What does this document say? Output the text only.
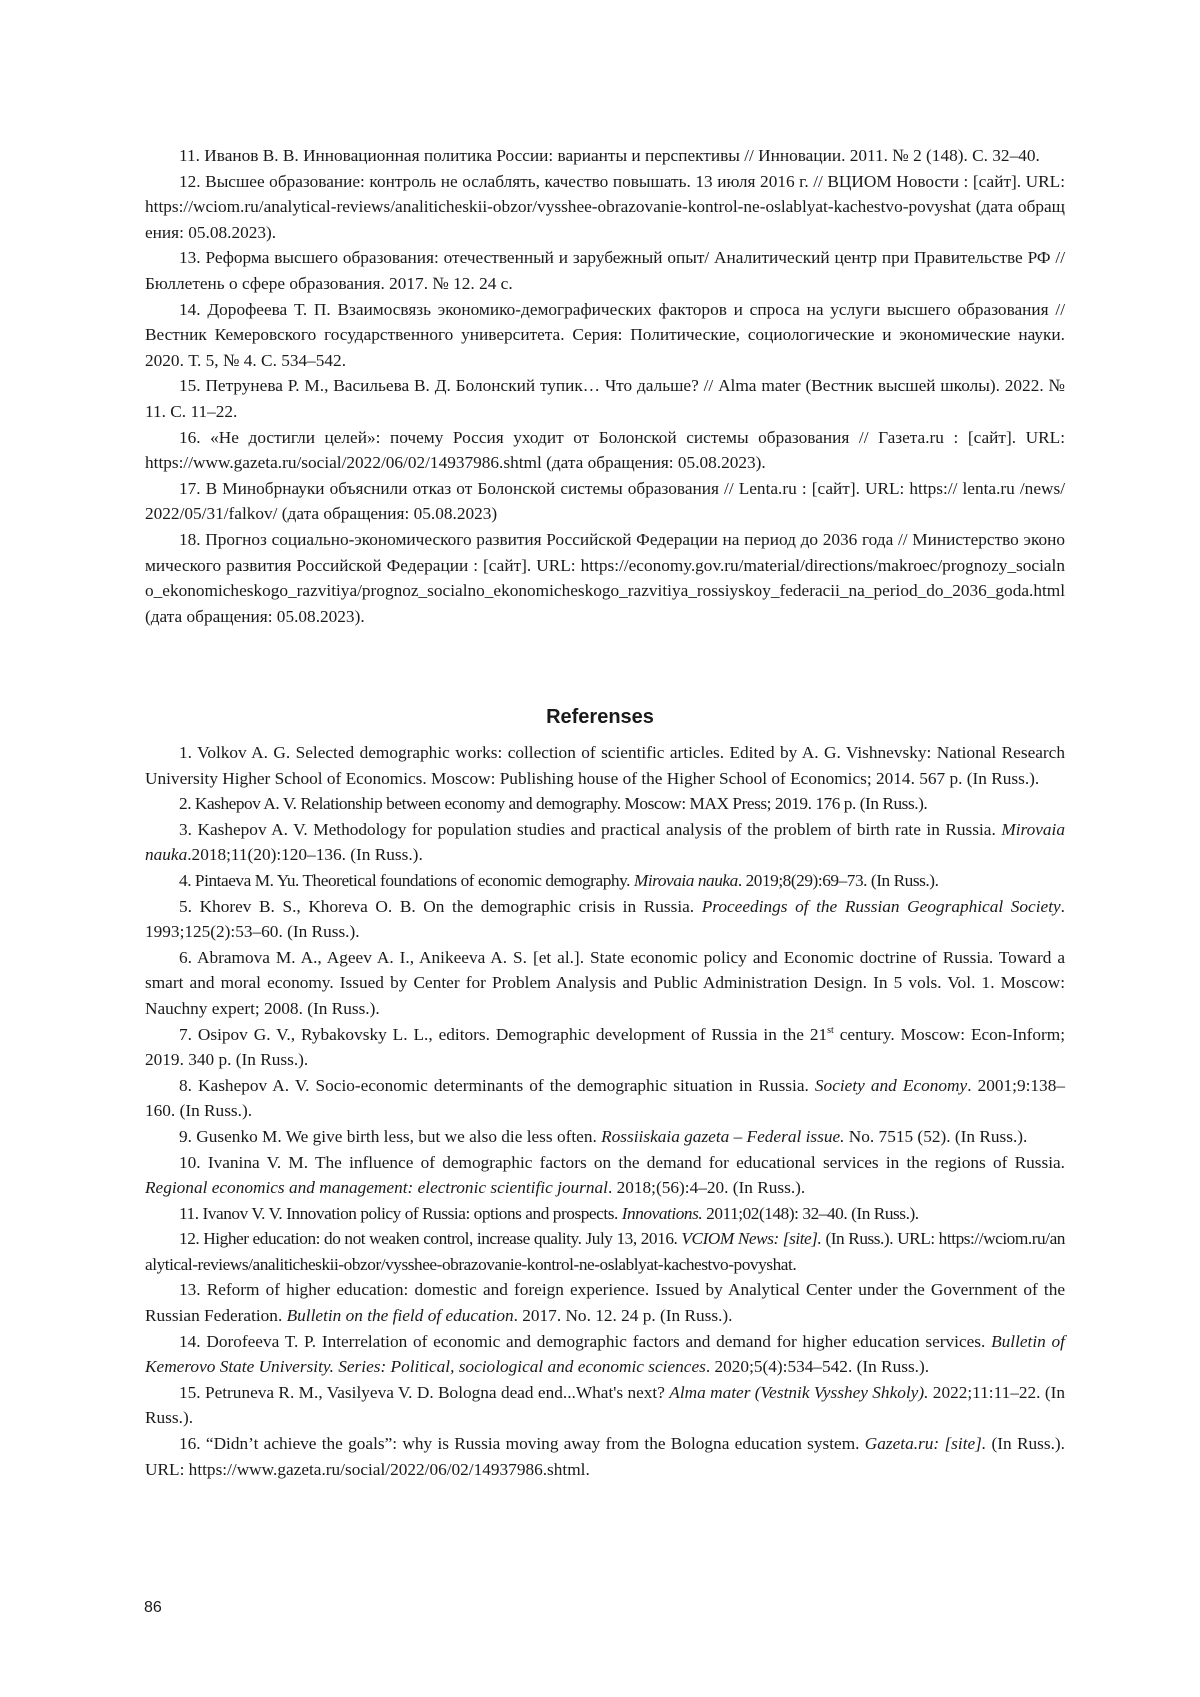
11. Иванов В. В. Инновационная политика России: варианты и перспективы // Инновации. 2011. № 2 (148). С. 32–40.

12. Высшее образование: контроль не ослаблять, качество повышать. 13 июля 2016 г. // ВЦИОМ Новости : [сайт]. URL: https://wciom.ru/analytical-reviews/analiticheskii-obzor/vysshee-obrazovanie-kontrol-ne-oslablyat-kachestvo-povyshat (дата обращения: 05.08.2023).

13. Реформа высшего образования: отечественный и зарубежный опыт/ Аналитический центр при Правительстве РФ // Бюллетень о сфере образования. 2017. № 12. 24 с.

14. Дорофеева Т. П. Взаимосвязь экономико-демографических факторов и спроса на услуги высшего образования // Вестник Кемеровского государственного университета. Серия: Политические, социологические и экономические науки. 2020. Т. 5, № 4. С. 534–542.

15. Петрунева Р. М., Васильева В. Д. Болонский тупик… Что дальше? // Alma mater (Вестник высшей школы). 2022. № 11. С. 11–22.

16. «Не достигли целей»: почему Россия уходит от Болонской системы образования // Газета.ru : [сайт]. URL: https://www.gazeta.ru/social/2022/06/02/14937986.shtml (дата обращения: 05.08.2023).

17. В Минобрнауки объяснили отказ от Болонской системы образования // Lenta.ru : [сайт]. URL: https:// lenta.ru /news/ 2022/05/31/falkov/ (дата обращения: 05.08.2023)

18. Прогноз социально-экономического развития Российской Федерации на период до 2036 года // Министерство экономического развития Российской Федерации : [сайт]. URL: https://economy.gov.ru/material/directions/makroec/prognozy_socialno_ekonomicheskogo_razvitiya/prognoz_socialno_ekonomicheskogo_razvitiya_rossiyskoy_federacii_na_period_do_2036_goda.html (дата обращения: 05.08.2023).

Referenses

1. Volkov A. G. Selected demographic works: collection of scientific articles. Edited by A. G. Vishnevsky: National Research University Higher School of Economics. Moscow: Publishing house of the Higher School of Economics; 2014. 567 p. (In Russ.).

2. Kashepov A. V. Relationship between economy and demography. Moscow: MAX Press; 2019. 176 p. (In Russ.).

3. Kashepov A. V. Methodology for population studies and practical analysis of the problem of birth rate in Russia. Mirovaia nauka.2018;11(20):120–136. (In Russ.).

4. Pintaeva M. Yu. Theoretical foundations of economic demography. Mirovaia nauka. 2019;8(29):69–73. (In Russ.).

5. Khorev B. S., Khoreva O. B. On the demographic crisis in Russia. Proceedings of the Russian Geographical Society. 1993;125(2):53–60. (In Russ.).

6. Abramova M. A., Ageev A. I., Anikeeva A. S. [et al.]. State economic policy and Economic doctrine of Russia. Toward a smart and moral economy. Issued by Center for Problem Analysis and Public Administration Design. In 5 vols. Vol. 1. Moscow: Nauchny expert; 2008. (In Russ.).

7. Osipov G. V., Rybakovsky L. L., editors. Demographic development of Russia in the 21st century. Moscow: Econ-Inform; 2019. 340 p. (In Russ.).

8. Kashepov A. V. Socio-economic determinants of the demographic situation in Russia. Society and Economy. 2001;9:138–160. (In Russ.).

9. Gusenko M. We give birth less, but we also die less often. Rossiiskaia gazeta – Federal issue. No. 7515 (52). (In Russ.).

10. Ivanina V. M. The influence of demographic factors on the demand for educational services in the regions of Russia. Regional economics and management: electronic scientific journal. 2018;(56):4–20. (In Russ.).

11. Ivanov V. V. Innovation policy of Russia: options and prospects. Innovations. 2011;02(148): 32–40. (In Russ.).

12. Higher education: do not weaken control, increase quality. July 13, 2016. VCIOM News: [site]. (In Russ.). URL: https://wciom.ru/analytical-reviews/analiticheskii-obzor/vysshee-obrazovanie-kontrol-ne-oslablyat-kachestvo-povyshat.

13. Reform of higher education: domestic and foreign experience. Issued by Analytical Center under the Government of the Russian Federation. Bulletin on the field of education. 2017. No. 12. 24 p. (In Russ.).

14. Dorofeeva T. P. Interrelation of economic and demographic factors and demand for higher education services. Bulletin of Kemerovo State University. Series: Political, sociological and economic sciences. 2020;5(4):534–542. (In Russ.).

15. Petruneva R. M., Vasilyeva V. D. Bologna dead end...What's next? Alma mater (Vestnik Vysshey Shkoly). 2022;11:11–22. (In Russ.).

16. “Didn’t achieve the goals”: why is Russia moving away from the Bologna education system. Gazeta.ru: [site]. (In Russ.). URL: https://www.gazeta.ru/social/2022/06/02/14937986.shtml.

86
